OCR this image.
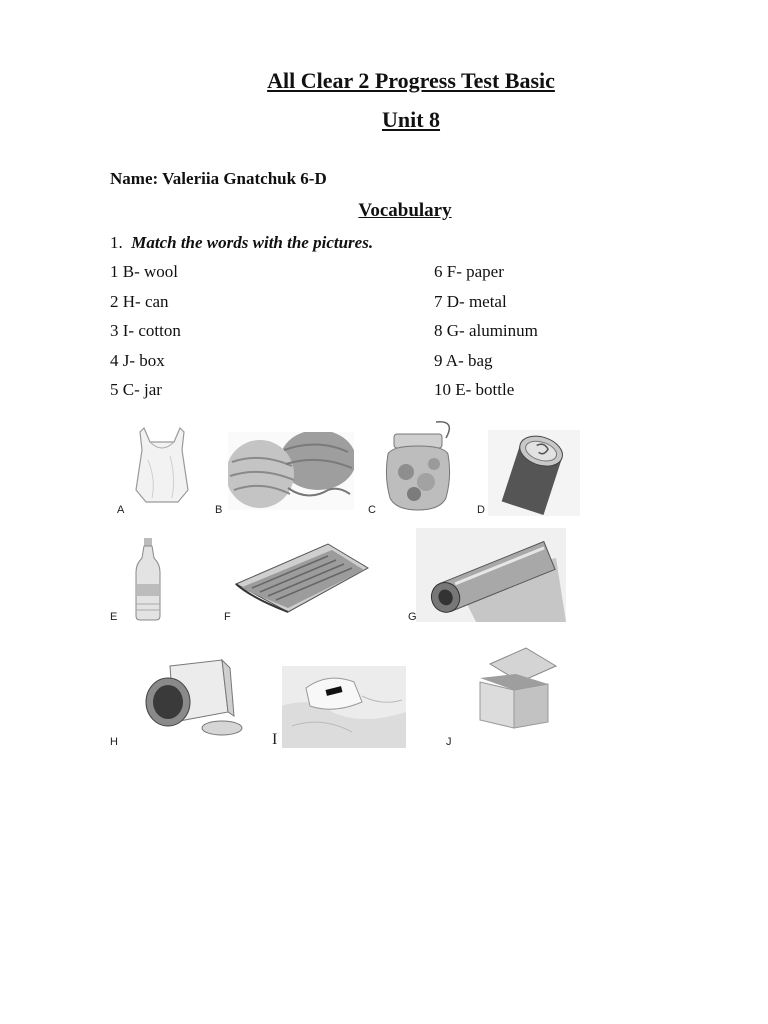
All Clear 2 Progress Test Basic
Unit 8
Name: Valeriia Gnatchuk 6-D
Vocabulary
1. Match the words with the pictures.
1 B- wool
2 H- can
3 I- cotton
4 J- box
5 C- jar
6 F- paper
7 D- metal
8 G- aluminum
9 A- bag
10 E- bottle
A	B	C	D
E	F	G
H	I	J
